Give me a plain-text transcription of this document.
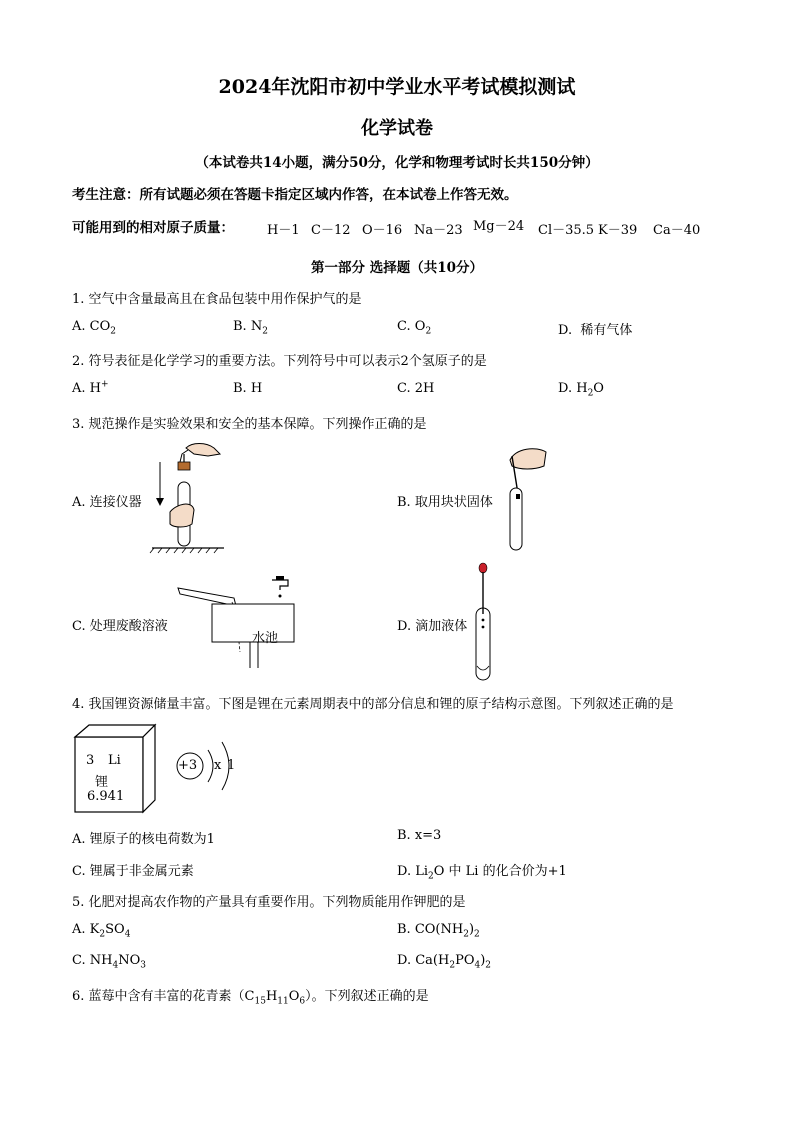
2024年沈阳市初中学业水平考试模拟测试
化学试卷
（本试卷共14小题，满分50分，化学和物理考试时长共150分钟）
考生注意：所有试题必须在答题卡指定区域内作答，在本试卷上作答无效。
可能用到的相对原子质量：	H－1 C－12 O－16 Na－23 Mg－24 Cl－35.5 K－39 Ca－40
第一部分 选择题（共10分）
1. 空气中含量最高且在食品包装中用作保护气的是
A. $CO_2$	B. $N_2$	C. $O_2$	D. 稀有气体
2. 符号表征是化学学习的重要方法。下列符号中可以表示2个氢原子的是
A. H+	B. H	C. 2H	D. $H_2O$
3. 规范操作是实验效果和安全的基本保障。下列操作正确的是
A. 连接仪器	B. 取用块状固体
C. 处理废酸溶液
水池
D. 滴加液体
4. 我国锂资源储量丰富。下图是锂在元素周期表中的部分信息和锂的原子结构示意图。下列叙述正确的是
3 Li
锂
6.941
+3 x 1
A. 锂原子的核电荷数为1	B. x=3
C. 锂属于非金属元素	D. $Li_2O$ 中 Li 的化合价为+1
5. 化肥对提高农作物的产量具有重要作用。下列物质能用作钾肥的是
A. $K_2SO_4$	B. $CO(NH_2)_2$
C. $NH_4NO_3$	D. $Ca(H_2PO_4)_2$
6. 蓝莓中含有丰富的花青素$(C_{15}H_{11}O_6)$。下列叙述正确的是
